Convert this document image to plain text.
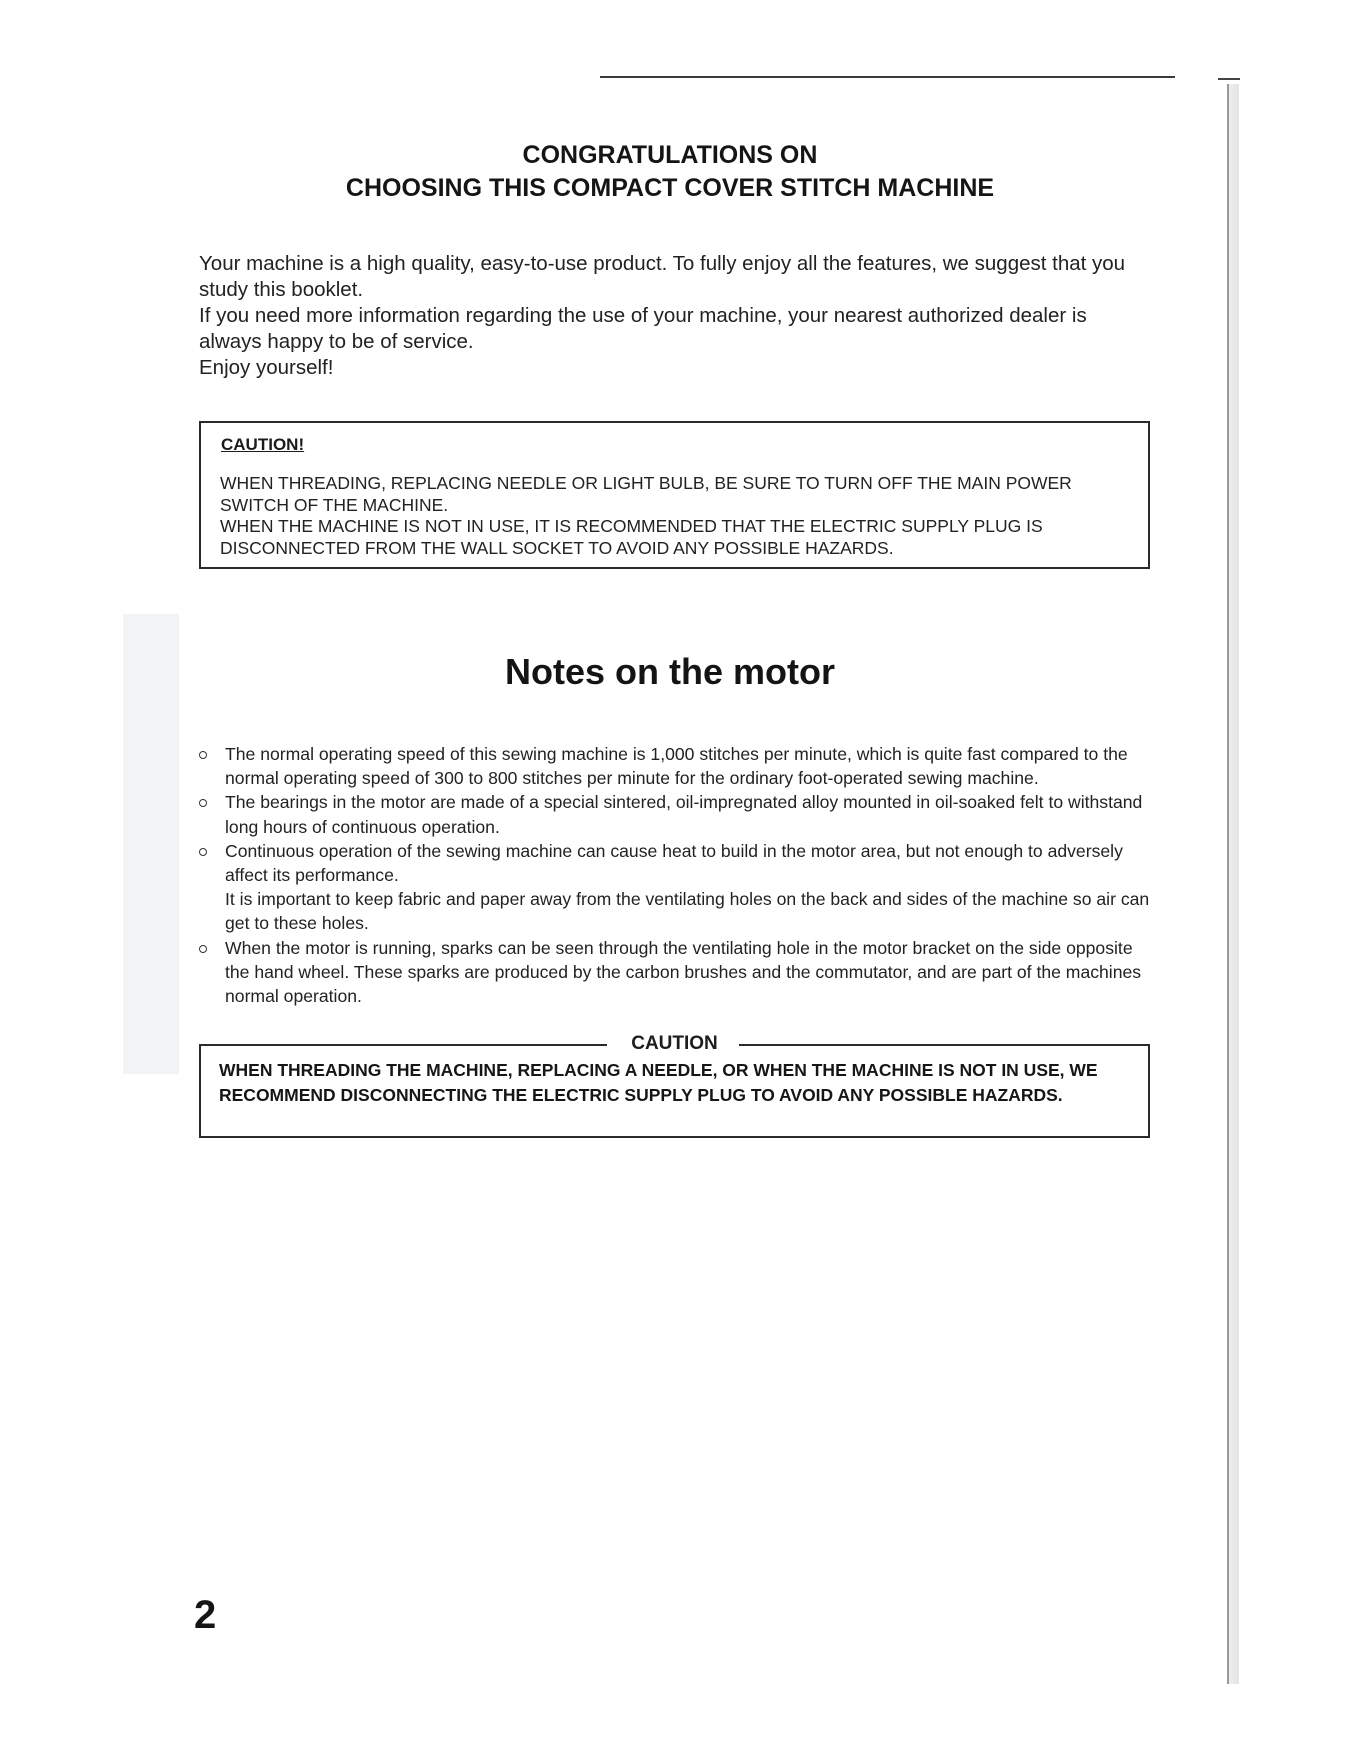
CONGRATULATIONS ON
CHOOSING THIS COMPACT COVER STITCH MACHINE

Your machine is a high quality, easy-to-use product. To fully enjoy all the features, we suggest that you study this booklet.

If you need more information regarding the use of your machine, your nearest authorized dealer is always happy to be of service.

Enjoy yourself!

CAUTION!

WHEN THREADING, REPLACING NEEDLE OR LIGHT BULB, BE SURE TO TURN OFF THE MAIN POWER SWITCH OF THE MACHINE.

WHEN THE MACHINE IS NOT IN USE, IT IS RECOMMENDED THAT THE ELECTRIC SUPPLY PLUG IS DISCONNECTED FROM THE WALL SOCKET TO AVOID ANY POSSIBLE HAZARDS.

Notes on the motor

The normal operating speed of this sewing machine is 1,000 stitches per minute, which is quite fast compared to the normal operating speed of 300 to 800 stitches per minute for the ordinary foot-operated sewing machine.

The bearings in the motor are made of a special sintered, oil-impregnated alloy mounted in oil-soaked felt to withstand long hours of continuous operation.

Continuous operation of the sewing machine can cause heat to build in the motor area, but not enough to adversely affect its performance.

It is important to keep fabric and paper away from the ventilating holes on the back and sides of the machine so air can get to these holes.

When the motor is running, sparks can be seen through the ventilating hole in the motor bracket on the side opposite the hand wheel. These sparks are produced by the carbon brushes and the commutator, and are part of the machines normal operation.

CAUTION

WHEN THREADING THE MACHINE, REPLACING A NEEDLE, OR WHEN THE MACHINE IS NOT IN USE, WE RECOMMEND DISCONNECTING THE ELECTRIC SUPPLY PLUG TO AVOID ANY POSSIBLE HAZARDS.

2
